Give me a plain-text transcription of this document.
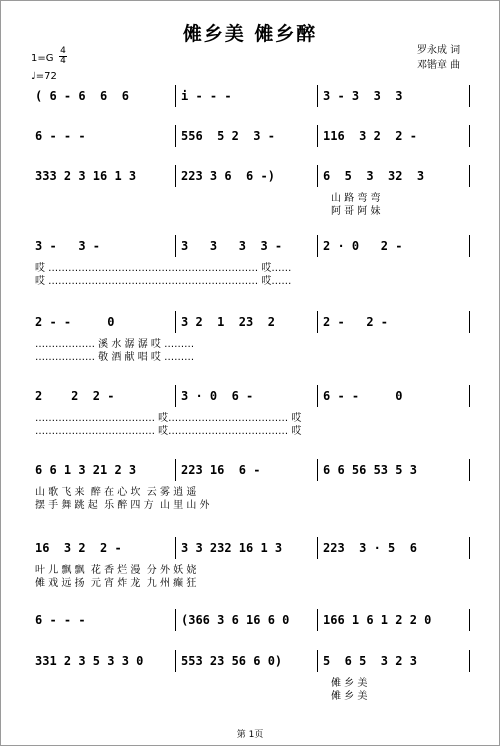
傩乡美 傩乡醉
罗永成 词
邓锴章 曲
1=G
4
4
♩=72
( 6 - 6  6  6	i - - -	3 - 3  3  3
6 - - -	556  5 2  3 -	116  3 2  2 -
333 2 3 16 1 3	223 3 6  6 -)	6  5  3  32  3
山 路 弯 弯
阿 哥 阿 妹
3 -   3 -	3   3   3  3 -	2 · 0   2 -
哎 ……………………………………………………… 哎……
哎 ……………………………………………………… 哎……
2 - -     0	3 2  1  23  2	2 -   2 -
……………… 溪 水 潺 潺 哎 ………
……………… 敬 酒 献 唱 哎 ………
2    2  2 -	3 · 0  6 -	6 - -     0
……………………………… 哎……………………………… 哎
……………………………… 哎……………………………… 哎
6 6 1 3 21 2 3	223 16  6 -	6 6 56 53 5 3
山 歌 飞 来  醉 在 心 坎  云 雾 逍 遥
摆 手 舞 跳 起  乐 醉 四 方  山 里 山 外
16  3 2  2 -	3 3 232 16 1 3	223  3 · 5  6
叶 儿 飘 飘  花 香 烂 漫  分 外 妖 娆
傩 戏 远 扬  元 宵 炸 龙  九 州 癫 狂
6 - - -	(366 3 6 16 6 0	166 1 6 1 2 2 0
331 2 3 5 3 3 0	553 23 56 6 0)	5  6 5  3 2 3
傩 乡 美
傩 乡 美
第 1页
